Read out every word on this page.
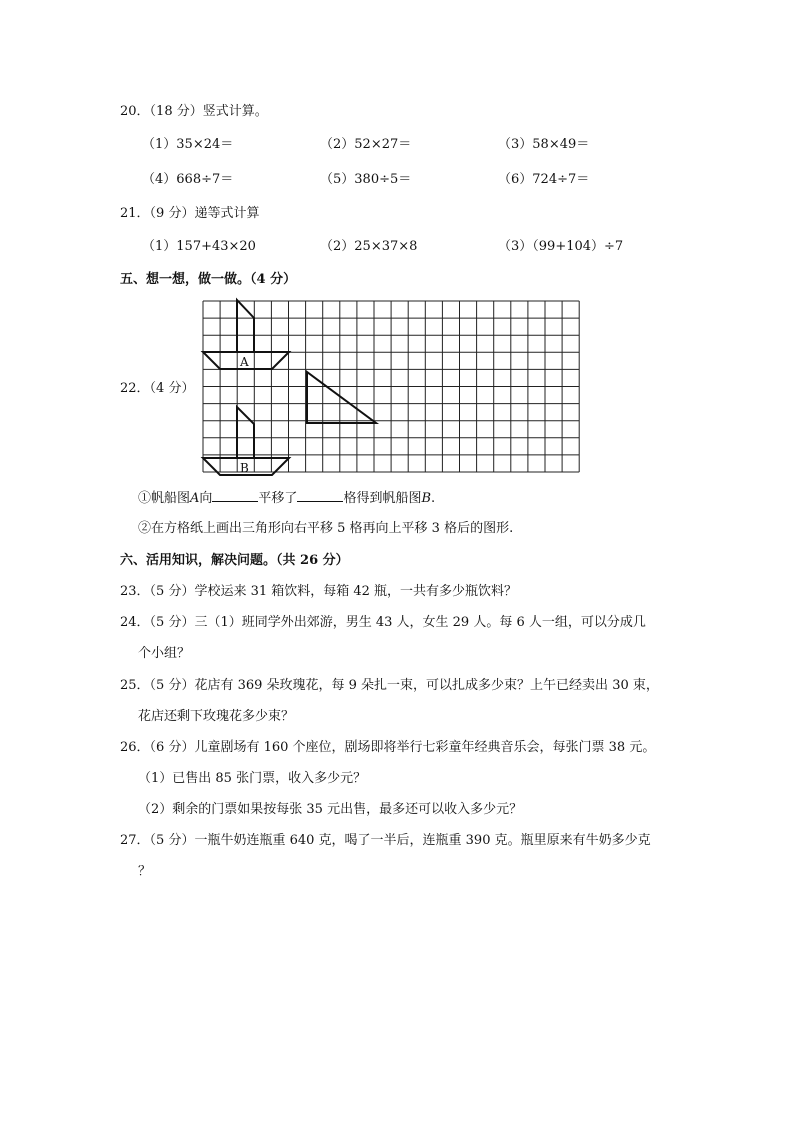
20．（18 分）竖式计算。
（1）35×24＝	（2）52×27＝	（3）58×49＝
（4）668÷7＝	（5）380÷5＝	（6）724÷7＝
21．（9 分）递等式计算
（1）157+43×20	（2）25×37×8	（3）（99+104）÷7
五、想一想，做一做。（4 分）
22．（4 分）
A
B
①帆船图A向	平移了	格得到帆船图B.
②在方格纸上画出三角形向右平移 5 格再向上平移 3 格后的图形.
六、活用知识，解决问题。（共 26 分）
23．（5 分）学校运来 31 箱饮料，每箱 42 瓶，一共有多少瓶饮料？
24．（5 分）三（1）班同学外出郊游，男生 43 人，女生 29 人。每 6 人一组，可以分成几
个小组？
25．（5 分）花店有 369 朵玫瑰花，每 9 朵扎一束，可以扎成多少束？上午已经卖出 30 束，
花店还剩下玫瑰花多少束？
26．（6 分）儿童剧场有 160 个座位，剧场即将举行七彩童年经典音乐会，每张门票 38 元。
（1）已售出 85 张门票，收入多少元？
（2）剩余的门票如果按每张 35 元出售，最多还可以收入多少元？
27．（5 分）一瓶牛奶连瓶重 640 克，喝了一半后，连瓶重 390 克。瓶里原来有牛奶多少克
？
